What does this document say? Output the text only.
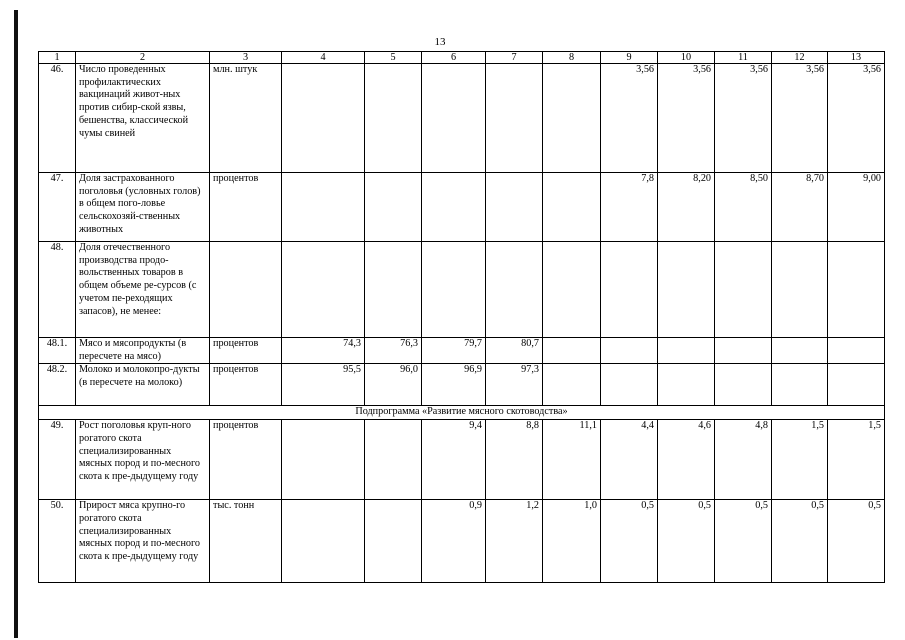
13
1	2	3	4	5	6	7	8	9	10	11	12	13
46.	Число проведенных профилактических вакцинаций живот-ных против сибир-ской язвы, бешенства, классической чумы свиней	млн. штук						3,56	3,56	3,56	3,56	3,56
47.	Доля застрахованного поголовья (условных голов) в общем пого-ловье сельскохозяй-ственных животных	процентов						7,8	8,20	8,50	8,70	9,00
48.	Доля отечественного производства продо-вольственных товаров в общем объеме ре-сурсов (с учетом пе-реходящих запасов), не менее:											
48.1.	Мясо и мясопродукты (в пересчете на мясо)	процентов	74,3	76,3	79,7	80,7						
48.2.	Молоко и молокопро-дукты (в пересчете на молоко)	процентов	95,5	96,0	96,9	97,3						
Подпрограмма «Развитие мясного скотоводства»												
49.	Рост поголовья круп-ного рогатого скота специализированных мясных пород и по-месного скота к пре-дыдущему году	процентов			9,4	8,8	11,1	4,4	4,6	4,8	1,5	1,5
50.	Прирост мяса крупно-го рогатого скота специализированных мясных пород и по-месного скота к пре-дыдущему году	тыс. тонн			0,9	1,2	1,0	0,5	0,5	0,5	0,5	0,5
